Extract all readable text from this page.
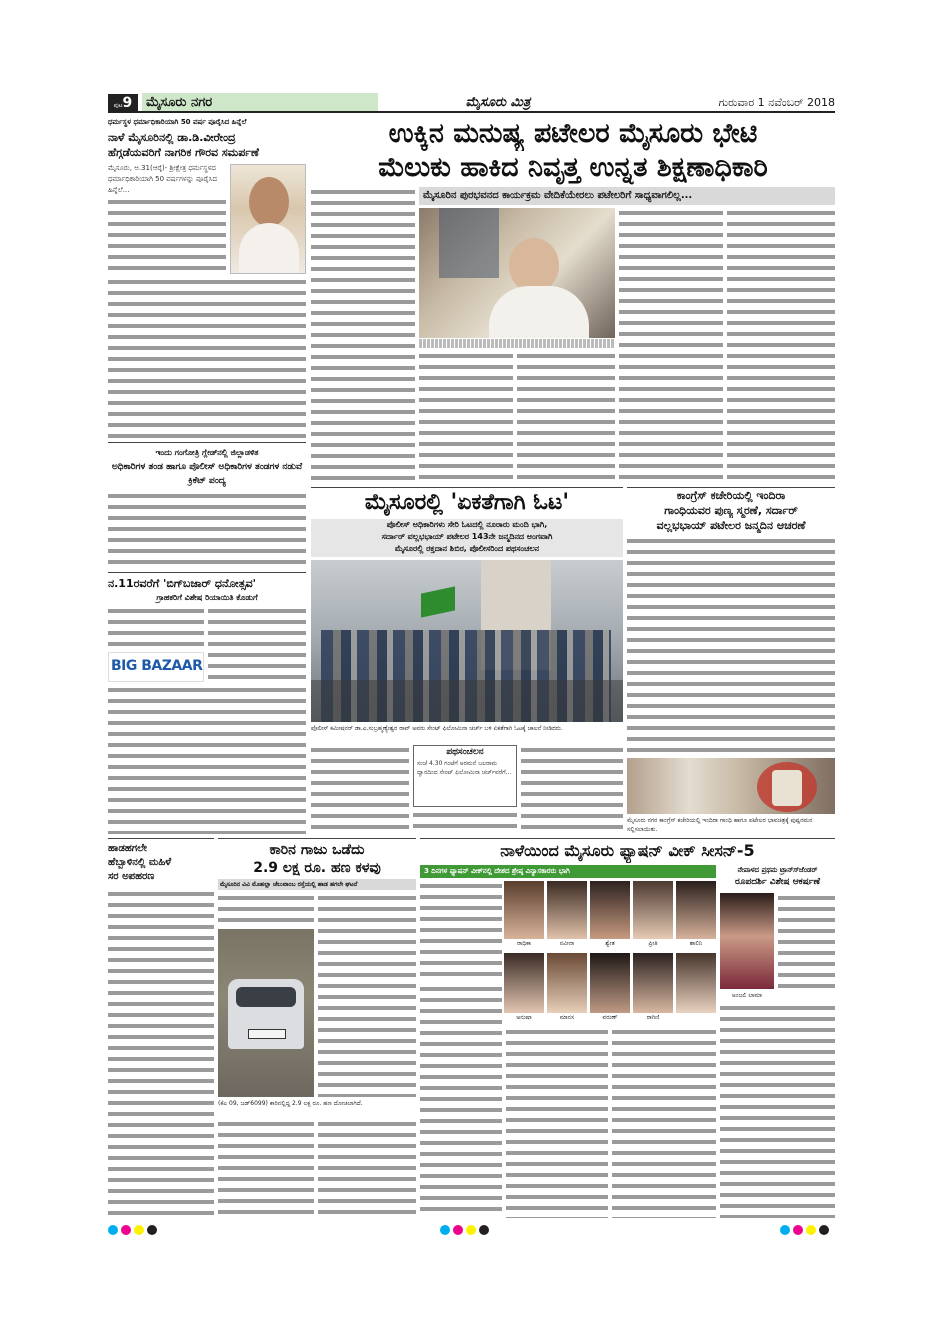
ಪುಟ9	ಮೈಸೂರು ನಗರ	ಮೈಸೂರು ಮಿತ್ರ	ಗುರುವಾರ 1 ನವೆಂಬರ್ 2018
ಧರ್ಮಸ್ಥಳ ಧರ್ಮಾಧಿಕಾರಿಯಾಗಿ 50 ವರ್ಷ ಪೂರೈಸಿದ ಹಿನ್ನೆಲೆ
ನಾಳೆ ಮೈಸೂರಿನಲ್ಲಿ ಡಾ.ಡಿ.ವೀರೇಂದ್ರ
ಹೆಗ್ಗಡೆಯವರಿಗೆ ನಾಗರಿಕ ಗೌರವ ಸಮರ್ಪಣೆ
ಮೈಸೂರು, ಅ.31(ಆರ್‍ಕೆ)- ಶ್ರೀಕ್ಷೇತ್ರ ಧರ್ಮಸ್ಥಳದ ಧರ್ಮಾಧಿಕಾರಿಯಾಗಿ 50 ವರ್ಷಗಳನ್ನು ಪೂರೈಸಿದ ಹಿನ್ನೆಲೆ...
ಇಂದು ಗಂಗೋತ್ರಿ ಗ್ಲೇಡ್‍ನಲ್ಲಿ ಜಿಲ್ಲಾಡಳಿತ
ಅಧಿಕಾರಿಗಳ ತಂಡ ಹಾಗೂ ಪೊಲೀಸ್ ಅಧಿಕಾರಿಗಳ ತಂಡಗಳ ನಡುವೆ ಕ್ರಿಕೆಟ್ ಪಂದ್ಯ
ನ.11ರವರೆಗೆ 'ಬಿಗ್‍ಬಜಾರ್ ಧನೋತ್ಸವ'
ಗ್ರಾಹಕರಿಗೆ ವಿಶೇಷ ರಿಯಾಯಿತಿ ಕೊಡುಗೆ
BIG BAZAAR
ಉಕ್ಕಿನ ಮನುಷ್ಯ ಪಟೇಲರ ಮೈಸೂರು ಭೇಟಿ
ಮೆಲುಕು ಹಾಕಿದ ನಿವೃತ್ತ ಉನ್ನತ ಶಿಕ್ಷಣಾಧಿಕಾರಿ
ಮೈಸೂರಿನ ಪುರಭವನದ ಕಾರ್ಯಕ್ರಮ ವೇದಿಕೆಯೇರಲು ಪಟೇಲರಿಗೆ ಸಾಧ್ಯವಾಗಲಿಲ್ಲ...
ಮೈಸೂರಲ್ಲಿ 'ಏಕತೆಗಾಗಿ ಓಟ'
ಪೊಲೀಸ್ ಅಧಿಕಾರಿಗಳು ಸೇರಿ ಓಟದಲ್ಲಿ ನೂರಾರು ಮಂದಿ ಭಾಗಿ,
ಸರ್ದಾರ್ ವಲ್ಲಭಭಾಯ್ ಪಟೇಲರ 143ನೇ ಜನ್ಮದಿನದ ಅಂಗವಾಗಿ
ಮೈಸೂರಲ್ಲಿ ರಕ್ತದಾನ ಶಿಬಿರ, ಪೊಲೀಸರಿಂದ ಪಥಸಂಚಲನ
ಪೊಲೀಸ್ ಕಮೀಷನರ್ ಡಾ.ಎ.ಸುಬ್ರಹ್ಮಣ್ಯೇಶ್ವರ ರಾವ್ ಅವರು ಸೇಂಟ್ ಫಿಲೋಮಿನಾ ಚರ್ಚ್ ಬಳಿ ಏಕತೆಗಾಗಿ ಓಟಕ್ಕೆ ಚಾಲನೆ ನೀಡಿದರು.
ಪಥಸಂಚಲನ
ಸಂಜೆ 4.30 ಗಂಟೆಗೆ ಅರಮನೆ ಬಲರಾಮ ದ್ವಾರದಿಂದ ಸೇಂಟ್ ಫಿಲೋಮಿನಾ ಚರ್ಚ್‍ವರೆಗೆ...
ಕಾಂಗ್ರೆಸ್ ಕಚೇರಿಯಲ್ಲಿ ಇಂದಿರಾ
ಗಾಂಧಿಯವರ ಪುಣ್ಯ ಸ್ಮರಣೆ, ಸರ್ದಾರ್
ವಲ್ಲಭಭಾಯ್ ಪಟೇಲರ ಜನ್ಮದಿನ ಆಚರಣೆ
ಮೈಸೂರು ನಗರ ಕಾಂಗ್ರೆಸ್ ಕಚೇರಿಯಲ್ಲಿ ಇಂದಿರಾ ಗಾಂಧಿ ಹಾಗೂ ಪಟೇಲರ ಭಾವಚಿತ್ರಕ್ಕೆ ಪುಷ್ಪನಮನ ಸಲ್ಲಿಸಲಾಯಿತು.
ಹಾಡಹಗಲೇ
ಹೆಬ್ಬಾಳಿನಲ್ಲಿ ಮಹಿಳೆ
ಸರ ಅಪಹರಣ
ಕಾರಿನ ಗಾಜು ಒಡೆದು
2.9 ಲಕ್ಷ ರೂ. ಹಣ ಕಳವು
ಮೈಸೂರಿನ ವಿವಿ ಮೊಹಲ್ಲಾ ಚೆಲುವಾಂಬ ರಸ್ತೆಯಲ್ಲಿ ಹಾಡ ಹಗಲೇ ಘಟನೆ
(ಕೆಎ 09, ಜಡ್6099) ಕಾರಿನಲ್ಲಿದ್ದ 2.9 ಲಕ್ಷ ರೂ. ಹಣ ದೋಚಲಾಗಿದೆ.
ನಾಳೆಯಿಂದ ಮೈಸೂರು ಫ್ಯಾಷನ್ ವೀಕ್ ಸೀಸನ್-5
3 ದಿನಗಳ ಫ್ಯಾಷನ್ ವೀಕ್‍ನಲ್ಲಿ ದೇಶದ ಶ್ರೇಷ್ಠ ವಿನ್ಯಾಸಕಾರರು ಭಾಗಿ
ರಾಧಿಕಾ	ನವೀನಾ	ಶ್ವೇತ	ಪ್ರೀತಿ	ಶಾಲಿನಿ
ಅನುಷಾ	ಮಾನಸ	ವರುಣ್	ರಾಗಿಣಿ
ನೇಪಾಳದ ಪ್ರಥಮ ಟ್ರಾನ್ಸ್‍ಜೆಂಡರ್
ರೂಪದರ್ಶಿ ವಿಶೇಷ ಆಕರ್ಷಣೆ
ಅಂಜಲಿ ಲಾಮಾ
